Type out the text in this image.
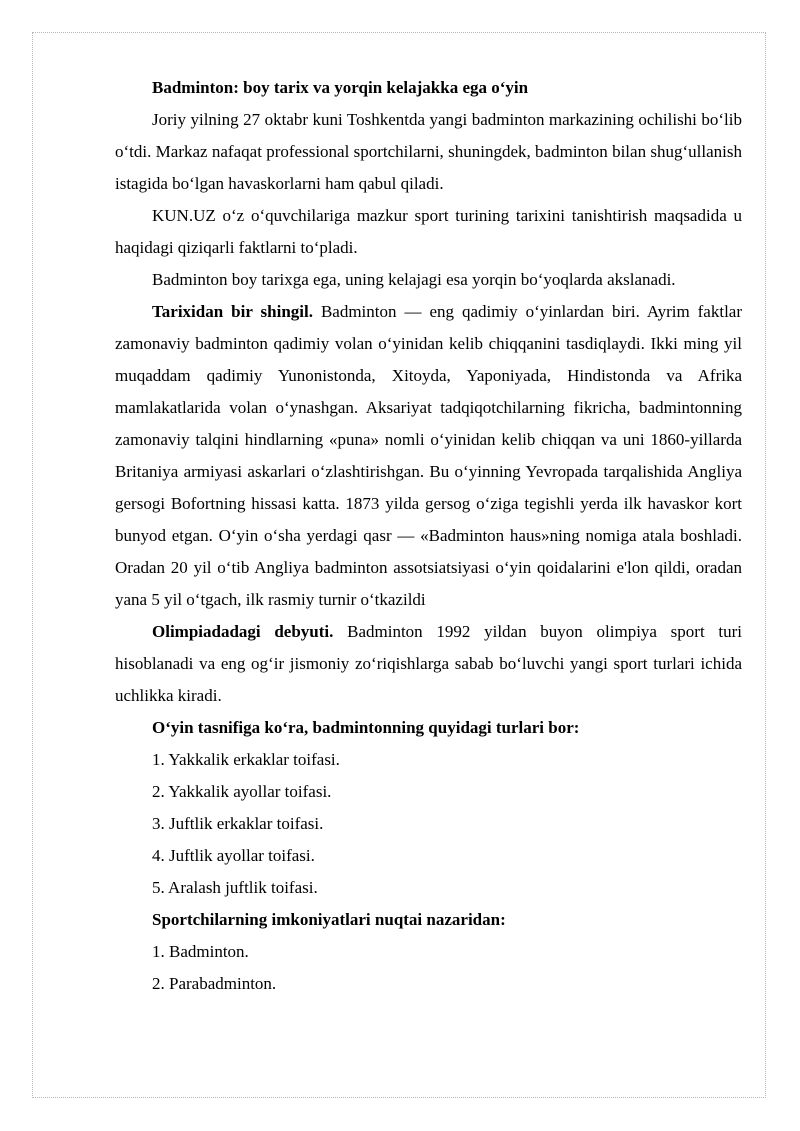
Badminton: boy tarix va yorqin kelajakka ega o‘yin

Joriy yilning 27 oktabr kuni Toshkentda yangi badminton markazining ochilishi bo‘lib o‘tdi. Markaz nafaqat professional sportchilarni, shuningdek, badminton bilan shug‘ullanish istagida bo‘lgan havaskorlarni ham qabul qiladi.

KUN.UZ o‘z o‘quvchilariga mazkur sport turining tarixini tanishtirish maqsadida u haqidagi qiziqarli faktlarni to‘pladi.

Badminton boy tarixga ega, uning kelajagi esa yorqin bo‘yoqlarda akslanadi.

Tarixidan bir shingil. Badminton — eng qadimiy o‘yinlardan biri. Ayrim faktlar zamonaviy badminton qadimiy volan o‘yinidan kelib chiqqanini tasdiqlaydi. Ikki ming yil muqaddam qadimiy Yunonistonda, Xitoyda, Yaponiyada, Hindistonda va Afrika mamlakatlarida volan o‘ynashgan. Aksariyat tadqiqotchilarning fikricha, badmintonning zamonaviy talqini hindlarning «puna» nomli o‘yinidan kelib chiqqan va uni 1860-yillarda Britaniya armiyasi askarlari o‘zlashtirishgan. Bu o‘yinning Yevropada tarqalishida Angliya gersogi Bofortning hissasi katta. 1873 yilda gersog o‘ziga tegishli yerda ilk havaskor kort bunyod etgan. O‘yin o‘sha yerdagi qasr — «Badminton haus»ning nomiga atala boshladi. Oradan 20 yil o‘tib Angliya badminton assotsiatsiyasi o‘yin qoidalarini e'lon qildi, oradan yana 5 yil o‘tgach, ilk rasmiy turnir o‘tkazildi

Olimpiadadagi debyuti. Badminton 1992 yildan buyon olimpiya sport turi hisoblanadi va eng og‘ir jismoniy zo‘riqishlarga sabab bo‘luvchi yangi sport turlari ichida uchlikka kiradi.

O‘yin tasnifiga ko‘ra, badmintonning quyidagi turlari bor:

1. Yakkalik erkaklar toifasi.

2. Yakkalik ayollar toifasi.

3. Juftlik erkaklar toifasi.

4. Juftlik ayollar toifasi.

5. Aralash juftlik toifasi.

Sportchilarning imkoniyatlari nuqtai nazaridan:

1. Badminton.

2. Parabadminton.
